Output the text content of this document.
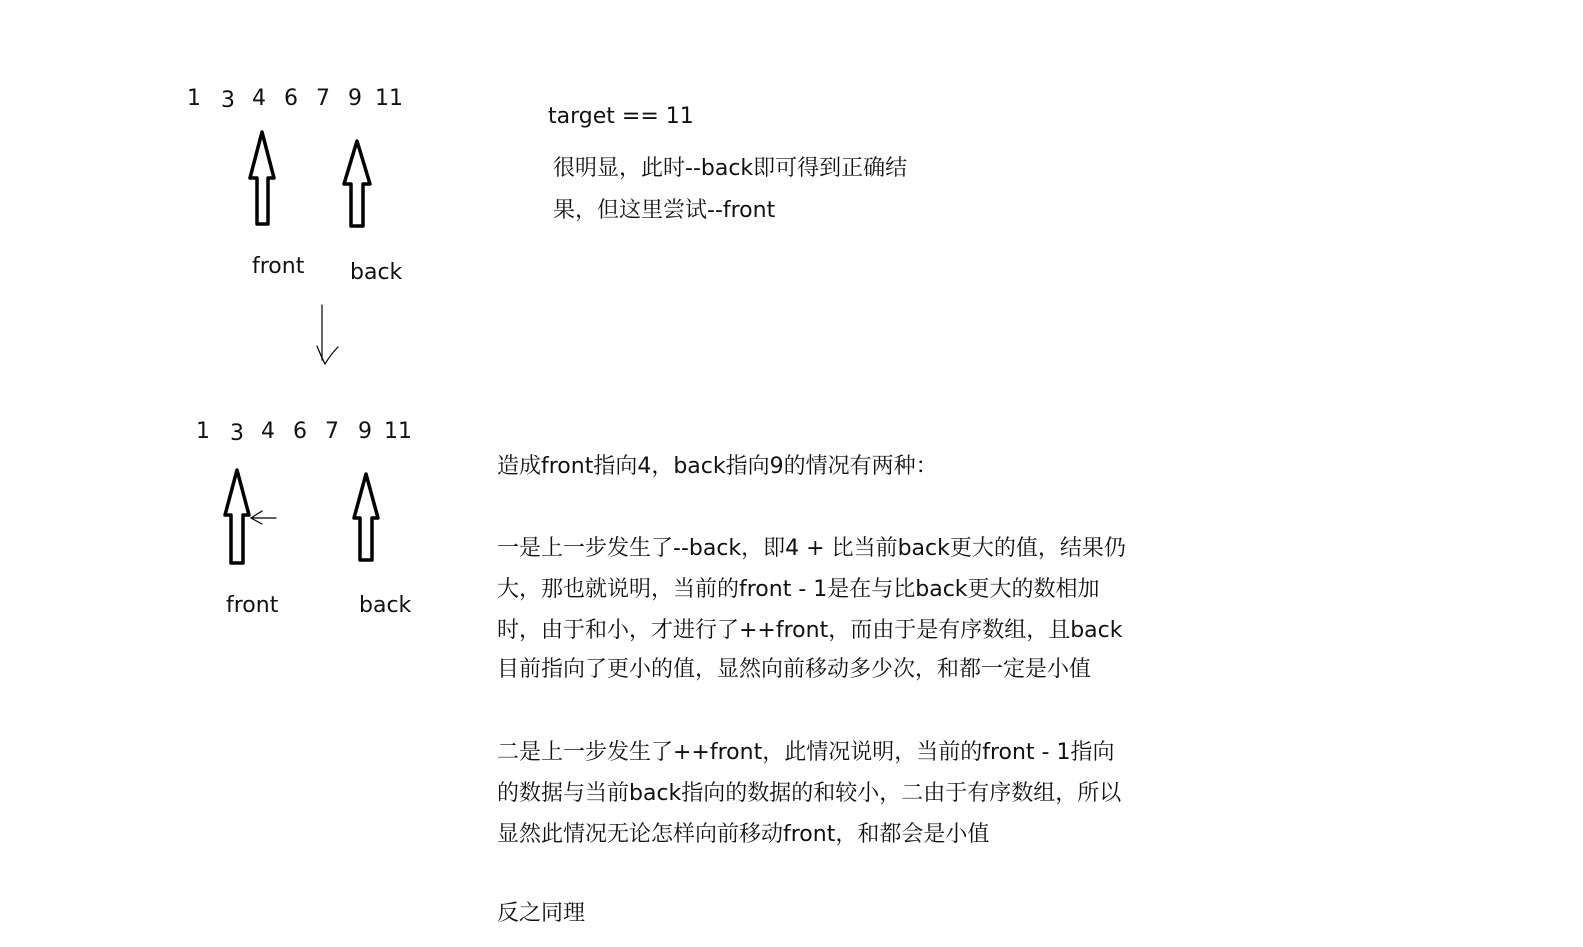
1 3 4 6 7 9 11
front back
1 3 4 6 7 9 11
front	back
target == 11
很明显，此时--back即可得到正确结
果，但这里尝试--front
造成front指向4，back指向9的情况有两种：
一是上一步发生了--back，即4 + 比当前back更大的值，结果仍
大，那也就说明，当前的front - 1是在与比back更大的数相加
时，由于和小，才进行了++front，而由于是有序数组，且back
目前指向了更小的值，显然向前移动多少次，和都一定是小值
二是上一步发生了++front，此情况说明，当前的front - 1指向
的数据与当前back指向的数据的和较小，二由于有序数组，所以
显然此情况无论怎样向前移动front，和都会是小值
反之同理
